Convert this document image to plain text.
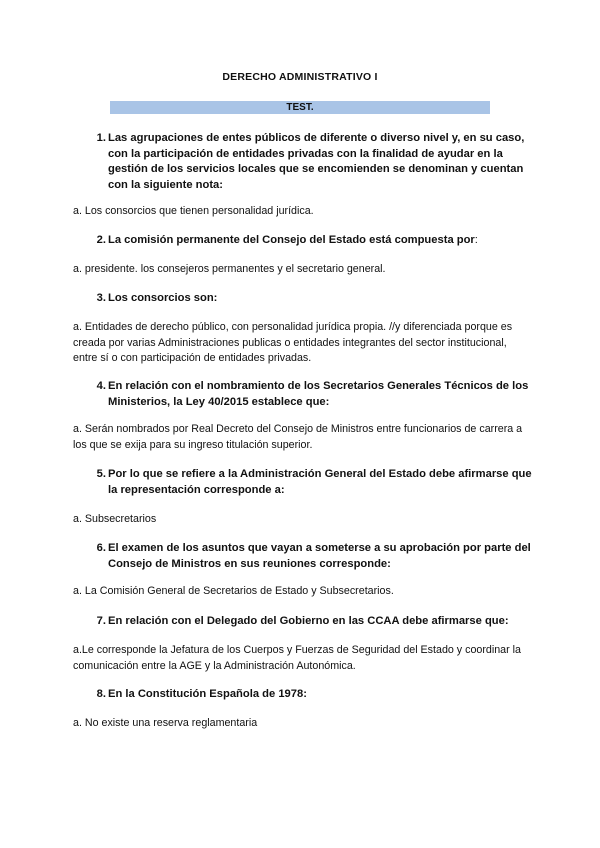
DERECHO ADMINISTRATIVO I
TEST.
1. Las agrupaciones de entes públicos de diferente o diverso nivel y, en su caso, con la participación de entidades privadas con la finalidad de ayudar en la gestión de los servicios locales que se encomienden se denominan y cuentan con la siguiente nota:
a. Los consorcios que tienen personalidad jurídica.
2. La comisión permanente del Consejo del Estado está compuesta por:
a. presidente. los consejeros permanentes y el secretario general.
3. Los consorcios son:
a. Entidades de derecho público, con personalidad jurídica propia. //y diferenciada porque es creada por varias Administraciones publicas o entidades integrantes del sector institucional, entre sí o con participación de entidades privadas.
4. En relación con el nombramiento de los Secretarios Generales Técnicos de los Ministerios, la Ley 40/2015 establece que:
a. Serán nombrados por Real Decreto del Consejo de Ministros entre funcionarios de carrera a los que se exija para su ingreso titulación superior.
5. Por lo que se refiere a la Administración General del Estado debe afirmarse que la representación corresponde a:
a. Subsecretarios
6. El examen de los asuntos que vayan a someterse a su aprobación por parte del Consejo de Ministros en sus reuniones corresponde:
a. La Comisión General de Secretarios de Estado y Subsecretarios.
7. En relación con el Delegado del Gobierno en las CCAA debe afirmarse que:
a.Le corresponde la Jefatura de los Cuerpos y Fuerzas de Seguridad del Estado y coordinar la comunicación entre la AGE y la Administración Autonómica.
8. En la Constitución Española de 1978:
a. No existe una reserva reglamentaria
